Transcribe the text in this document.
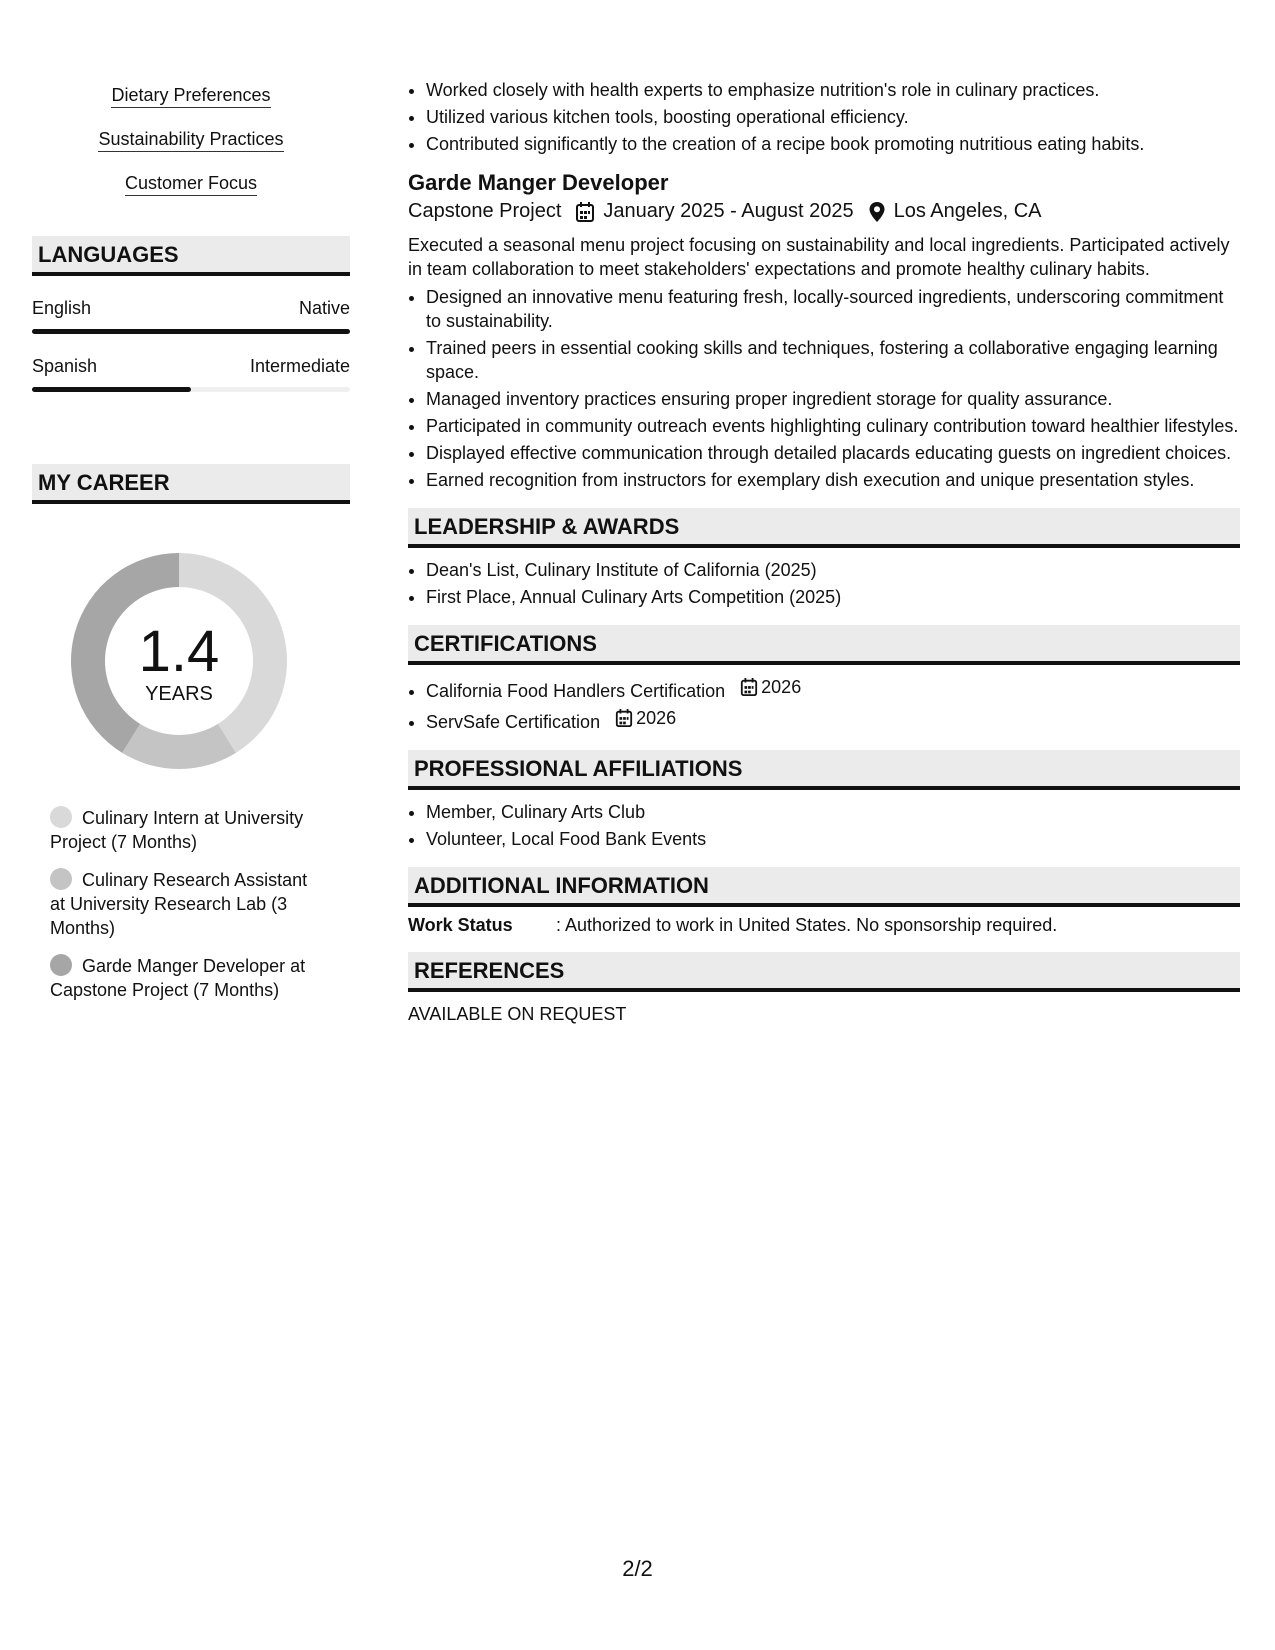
Dietary Preferences
Sustainability Practices
Customer Focus
LANGUAGES
English	Native
Spanish	Intermediate
MY CAREER
1.4
YEARS
Culinary Intern at University Project (7 Months)
Culinary Research Assistant at University Research Lab (3 Months)
Garde Manger Developer at Capstone Project (7 Months)
• Worked closely with health experts to emphasize nutrition's role in culinary practices.
• Utilized various kitchen tools, boosting operational efficiency.
• Contributed significantly to the creation of a recipe book promoting nutritious eating habits.
Garde Manger Developer
Capstone Project January 2025 - August 2025 Los Angeles, CA
Executed a seasonal menu project focusing on sustainability and local ingredients. Participated actively in team collaboration to meet stakeholders' expectations and promote healthy culinary habits.
• Designed an innovative menu featuring fresh, locally-sourced ingredients, underscoring commitment to sustainability.
• Trained peers in essential cooking skills and techniques, fostering a collaborative engaging learning space.
• Managed inventory practices ensuring proper ingredient storage for quality assurance.
• Participated in community outreach events highlighting culinary contribution toward healthier lifestyles.
• Displayed effective communication through detailed placards educating guests on ingredient choices.
• Earned recognition from instructors for exemplary dish execution and unique presentation styles.
LEADERSHIP & AWARDS
• Dean's List, Culinary Institute of California (2025)
• First Place, Annual Culinary Arts Competition (2025)
CERTIFICATIONS
• California Food Handlers Certification 2026
• ServSafe Certification 2026
PROFESSIONAL AFFILIATIONS
• Member, Culinary Arts Club
• Volunteer, Local Food Bank Events
ADDITIONAL INFORMATION
Work Status	: Authorized to work in United States. No sponsorship required.
REFERENCES
AVAILABLE ON REQUEST
2/2
